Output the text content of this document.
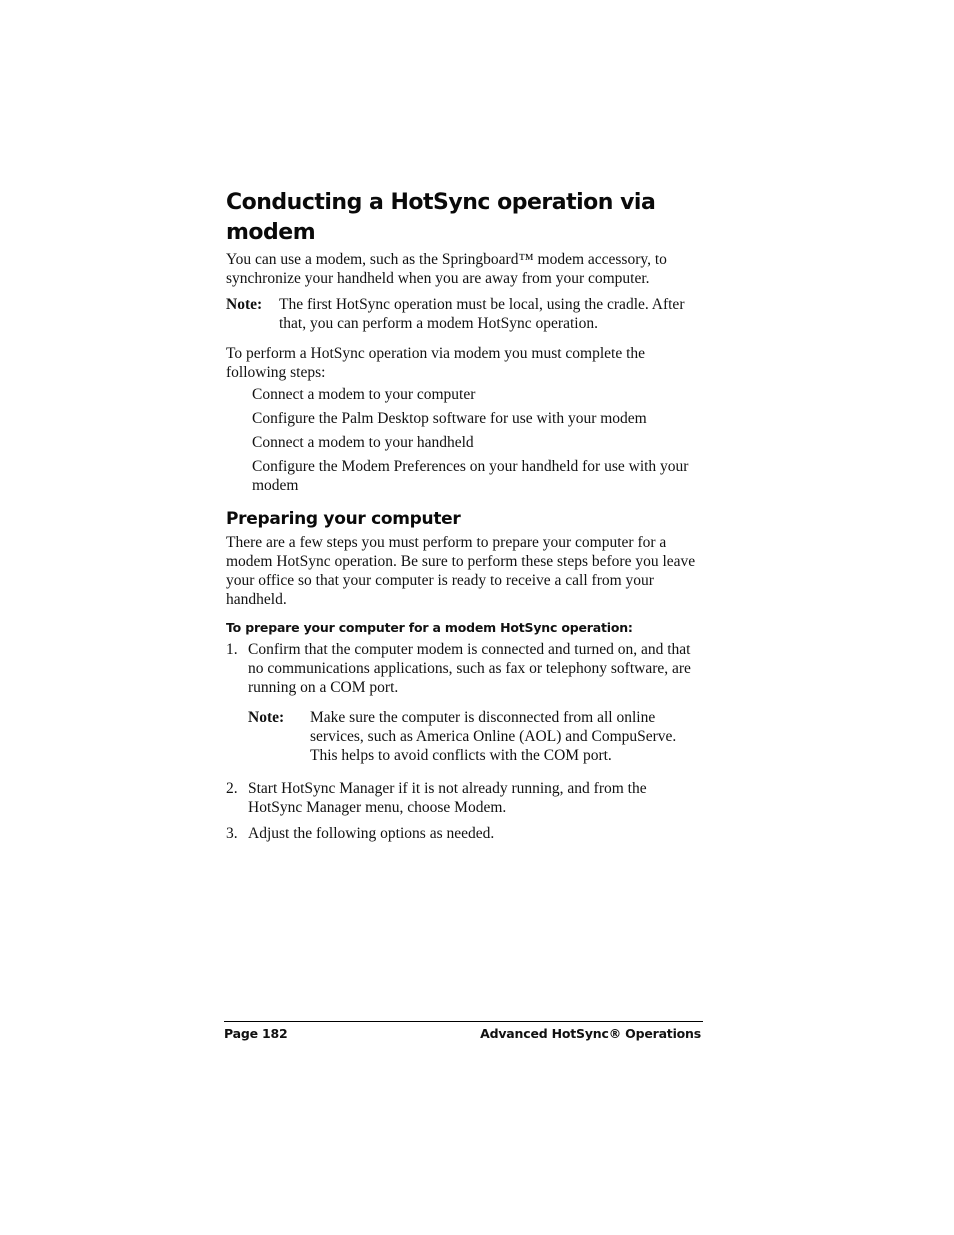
Conducting a HotSync operation via modem

You can use a modem, such as the Springboard™ modem accessory, to synchronize your handheld when you are away from your computer.

Note:	The first HotSync operation must be local, using the cradle. After that, you can perform a modem HotSync operation.

To perform a HotSync operation via modem you must complete the following steps:

Connect a modem to your computer
Configure the Palm Desktop software for use with your modem
Connect a modem to your handheld
Configure the Modem Preferences on your handheld for use with your modem
Preparing your computer

There are a few steps you must perform to prepare your computer for a modem HotSync operation. Be sure to perform these steps before you leave your office so that your computer is ready to receive a call from your handheld.

To prepare your computer for a modem HotSync operation:
1. Confirm that the computer modem is connected and turned on, and that no communications applications, such as fax or telephony software, are running on a COM port.
Note:	Make sure the computer is disconnected from all online services, such as America Online (AOL) and CompuServe. This helps to avoid conflicts with the COM port.
2. Start HotSync Manager if it is not already running, and from the HotSync Manager menu, choose Modem.
3. Adjust the following options as needed.
Page 182	Advanced HotSync® Operations
